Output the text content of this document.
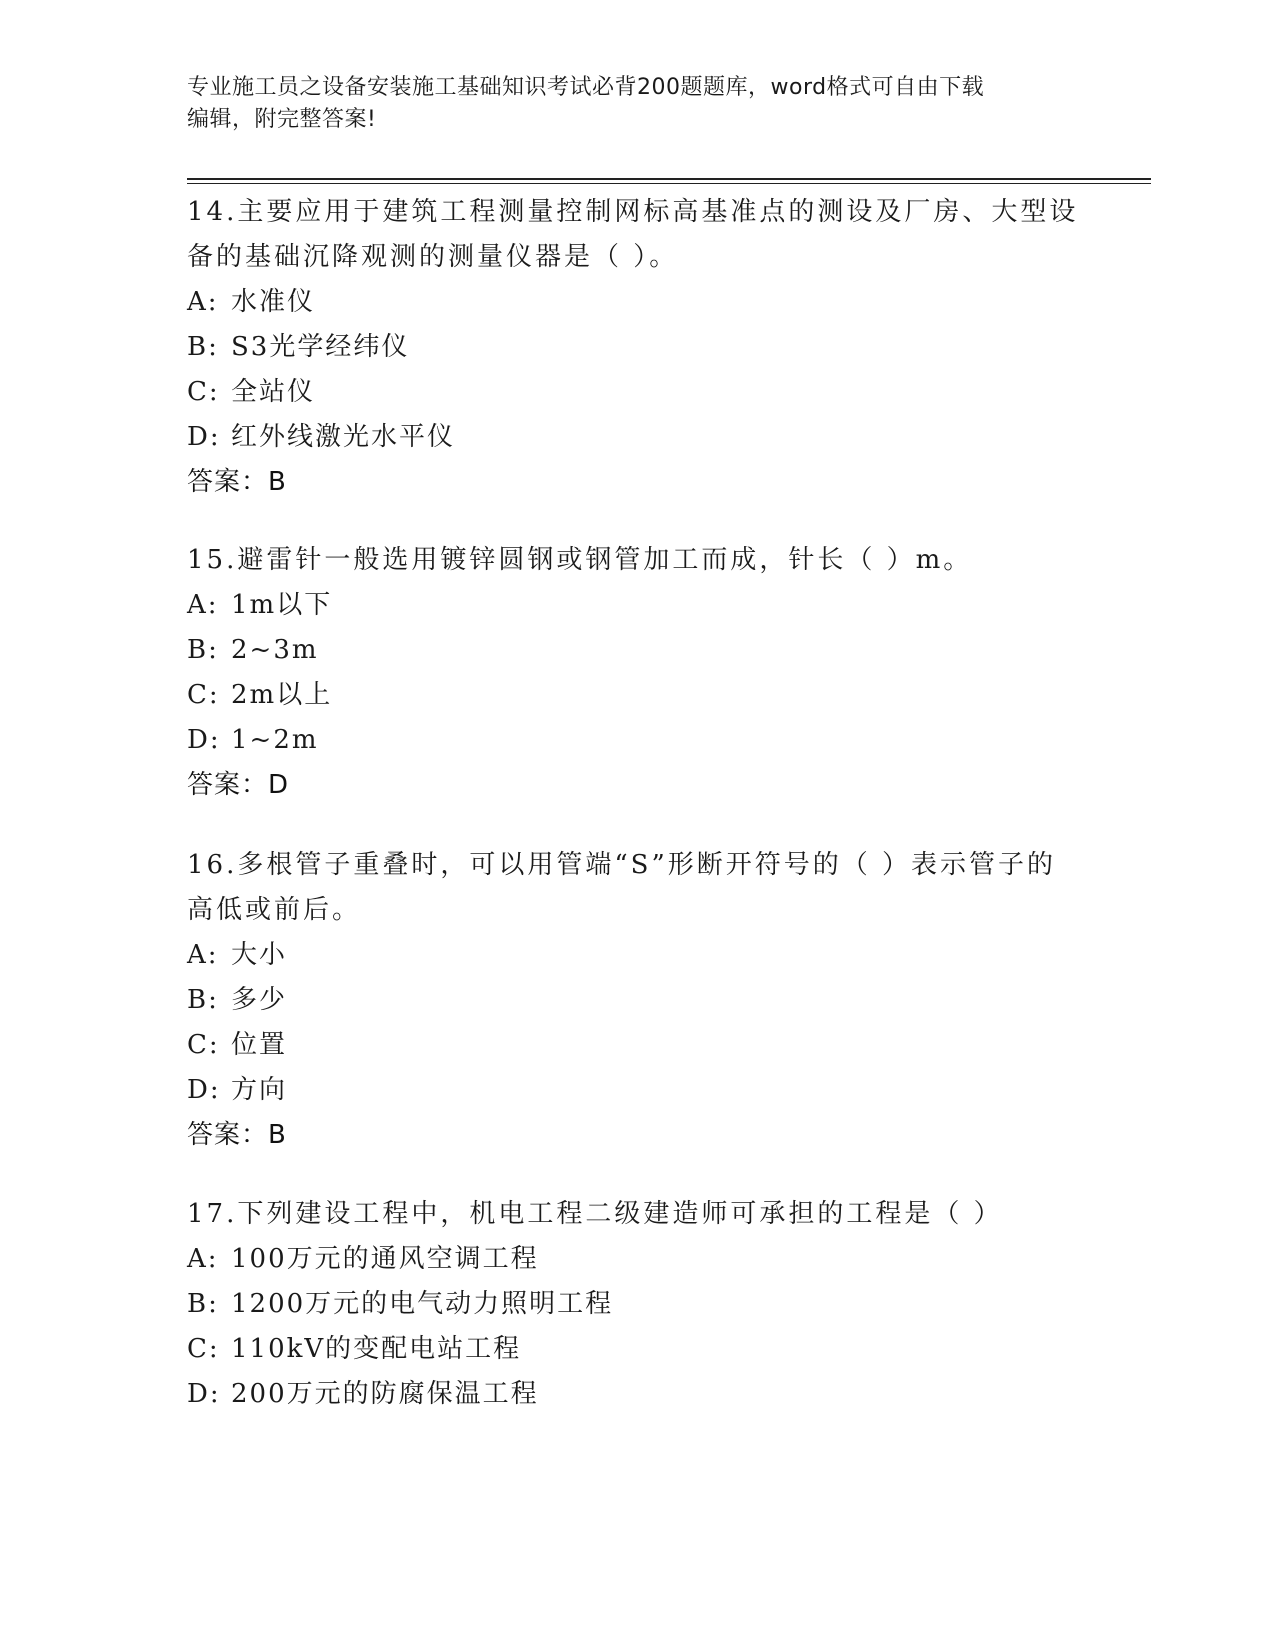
专业施工员之设备安装施工基础知识考试必背200题题库，word格式可自由下载
编辑，附完整答案!
14.主要应用于建筑工程测量控制网标高基准点的测设及厂房、大型设
备的基础沉降观测的测量仪器是（ ）。
A: 水准仪
B: S3光学经纬仪
C: 全站仪
D: 红外线激光水平仪
答案：B
15.避雷针一般选用镀锌圆钢或钢管加工而成，针长（ ）m。
A: 1m以下
B: 2~3m
C: 2m以上
D: 1~2m
答案：D
16.多根管子重叠时，可以用管端“S”形断开符号的（ ）表示管子的
高低或前后。
A: 大小
B: 多少
C: 位置
D: 方向
答案：B
17.下列建设工程中，机电工程二级建造师可承担的工程是（ ）
A: 100万元的通风空调工程
B: 1200万元的电气动力照明工程
C: 110kV的变配电站工程
D: 200万元的防腐保温工程
